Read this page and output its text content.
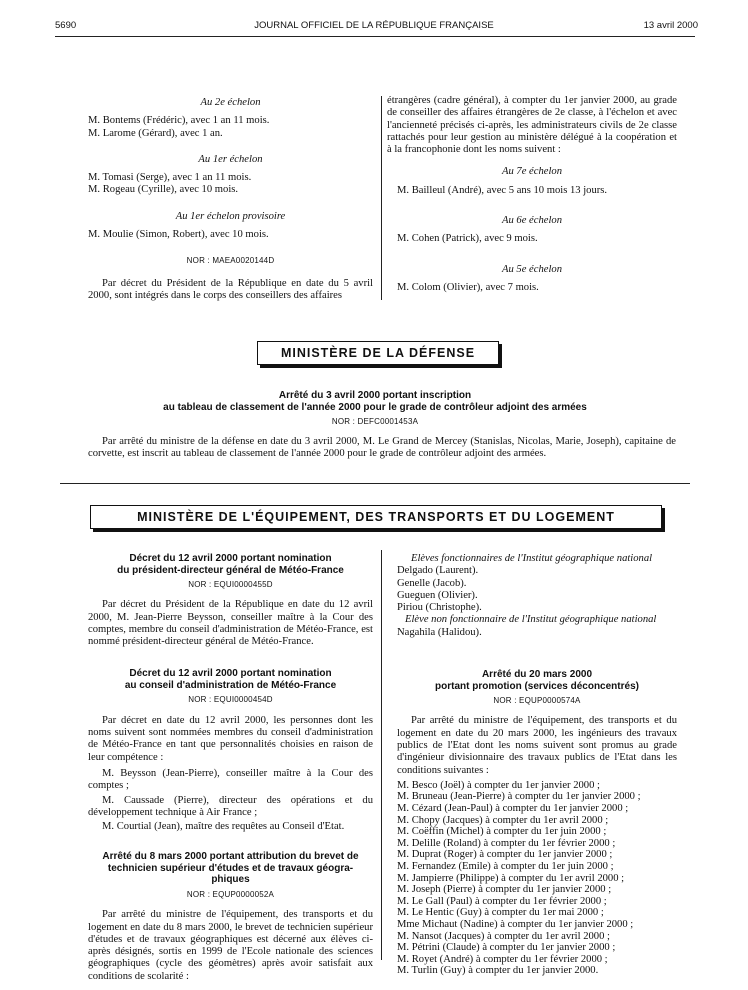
5690	JOURNAL OFFICIEL DE LA RÉPUBLIQUE FRANÇAISE	13 avril 2000

Au 2e échelon

M. Bontems (Frédéric), avec 1 an 11 mois.

M. Larome (Gérard), avec 1 an.

Au 1er échelon

M. Tomasi (Serge), avec 1 an 11 mois.

M. Rogeau (Cyrille), avec 10 mois.

Au 1er échelon provisoire

M. Moulie (Simon, Robert), avec 10 mois.

NOR : MAEA0020144D

Par décret du Président de la République en date du 5 avril 2000, sont intégrés dans le corps des conseillers des affaires

étrangères (cadre général), à compter du 1er janvier 2000, au grade de conseiller des affaires étrangères de 2e classe, à l'échelon et avec l'ancienneté précisés ci-après, les administrateurs civils de 2e classe rattachés pour leur gestion au ministère délégué à la coopération et à la francophonie dont les noms suivent :

Au 7e échelon

M. Bailleul (André), avec 5 ans 10 mois 13 jours.

Au 6e échelon

M. Cohen (Patrick), avec 9 mois.

Au 5e échelon

M. Colom (Olivier), avec 7 mois.

MINISTÈRE DE LA DÉFENSE
Arrêté du 3 avril 2000 portant inscription
au tableau de classement de l'année 2000 pour le grade de contrôleur adjoint des armées
NOR : DEFC0001453A
Par arrêté du ministre de la défense en date du 3 avril 2000, M. Le Grand de Mercey (Stanislas, Nicolas, Marie, Joseph), capitaine de corvette, est inscrit au tableau de classement de l'année 2000 pour le grade de contrôleur adjoint des armées.
MINISTÈRE DE L'ÉQUIPEMENT, DES TRANSPORTS ET DU LOGEMENT
Décret du 12 avril 2000 portant nomination
du président-directeur général de Météo-France

NOR : EQUI0000455D

Par décret du Président de la République en date du 12 avril 2000, M. Jean-Pierre Beysson, conseiller maître à la Cour des comptes, membre du conseil d'administration de Météo-France, est nommé président-directeur général de Météo-France.

Décret du 12 avril 2000 portant nomination
au conseil d'administration de Météo-France

NOR : EQUI0000454D

Par décret en date du 12 avril 2000, les personnes dont les noms suivent sont nommées membres du conseil d'administration de Météo-France en tant que personnalités choisies en raison de leur compétence :

M. Beysson (Jean-Pierre), conseiller maître à la Cour des comptes ;

M. Caussade (Pierre), directeur des opérations et du développement technique à Air France ;

M. Courtial (Jean), maître des requêtes au Conseil d'Etat.

Arrêté du 8 mars 2000 portant attribution du brevet de
technicien supérieur d'études et de travaux géogra-
phiques

NOR : EQUP0000052A

Par arrêté du ministre de l'équipement, des transports et du logement en date du 8 mars 2000, le brevet de technicien supérieur d'études et de travaux géographiques est décerné aux élèves ci-après désignés, sortis en 1999 de l'Ecole nationale des sciences géographiques (cycle des géomètres) après avoir satisfait aux conditions de scolarité :

Elèves fonctionnaires de l'Institut géographique national

Delgado (Laurent).

Genelle (Jacob).

Gueguen (Olivier).

Piriou (Christophe).

Elève non fonctionnaire de l'Institut géographique national

Nagahila (Halidou).

Arrêté du 20 mars 2000
portant promotion (services déconcentrés)

NOR : EQUP0000574A

Par arrêté du ministre de l'équipement, des transports et du logement en date du 20 mars 2000, les ingénieurs des travaux publics de l'Etat dont les noms suivent sont promus au grade d'ingénieur divisionnaire des travaux publics de l'Etat dans les conditions suivantes :

M. Besco (Joël) à compter du 1er janvier 2000 ;

M. Bruneau (Jean-Pierre) à compter du 1er janvier 2000 ;

M. Cézard (Jean-Paul) à compter du 1er janvier 2000 ;

M. Chopy (Jacques) à compter du 1er avril 2000 ;

M. Coëffin (Michel) à compter du 1er juin 2000 ;

M. Delille (Roland) à compter du 1er février 2000 ;

M. Duprat (Roger) à compter du 1er janvier 2000 ;

M. Fernandez (Emile) à compter du 1er juin 2000 ;

M. Jampierre (Philippe) à compter du 1er avril 2000 ;

M. Joseph (Pierre) à compter du 1er janvier 2000 ;

M. Le Gall (Paul) à compter du 1er février 2000 ;

M. Le Hentic (Guy) à compter du 1er mai 2000 ;

Mme Michaut (Nadine) à compter du 1er janvier 2000 ;

M. Nansot (Jacques) à compter du 1er avril 2000 ;

M. Pétrini (Claude) à compter du 1er janvier 2000 ;

M. Royet (André) à compter du 1er février 2000 ;

M. Turlin (Guy) à compter du 1er janvier 2000.
